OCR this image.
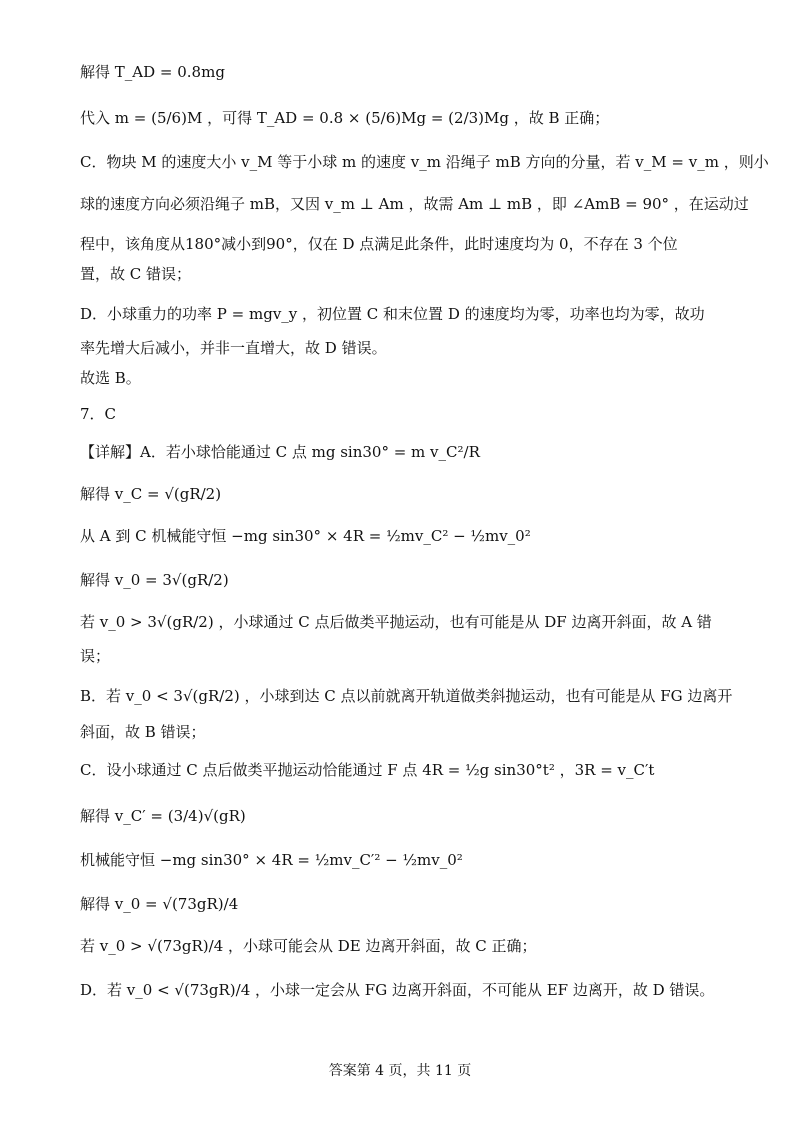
解得 T_AD = 0.8mg
代入 m = (5/6)M ，可得 T_AD = 0.8 × (5/6)Mg = (2/3)Mg ，故 B 正确；
C．物块 M 的速度大小 v_M 等于小球 m 的速度 v_m 沿绳子 mB 方向的分量，若 v_M = v_m ，则小
球的速度方向必须沿绳子 mB，又因 v_m ⊥ Am ，故需 Am ⊥ mB ，即 ∠AmB = 90° ，在运动过
程中，该角度从180°减小到90°，仅在 D 点满足此条件，此时速度均为 0，不存在 3 个位
置，故 C 错误；
D．小球重力的功率 P = mgv_y ，初位置 C 和末位置 D 的速度均为零，功率也均为零，故功
率先增大后减小，并非一直增大，故 D 错误。
故选 B。
7．C
【详解】A．若小球恰能通过 C 点 mg sin30° = m v_C²/R
解得 v_C = √(gR/2)
从 A 到 C 机械能守恒 −mg sin30° × 4R = ½mv_C² − ½mv_0²
解得 v_0 = 3√(gR/2)
若 v_0 > 3√(gR/2) ，小球通过 C 点后做类平抛运动，也有可能是从 DF 边离开斜面，故 A 错
误；
B．若 v_0 < 3√(gR/2) ，小球到达 C 点以前就离开轨道做类斜抛运动，也有可能是从 FG 边离开
斜面，故 B 错误；
C．设小球通过 C 点后做类平抛运动恰能通过 F 点 4R = ½g sin30°t² ，3R = v_C′t
解得 v_C′ = (3/4)√(gR)
机械能守恒 −mg sin30° × 4R = ½mv_C′² − ½mv_0²
解得 v_0 = √(73gR)/4
若 v_0 > √(73gR)/4 ，小球可能会从 DE 边离开斜面，故 C 正确；
D．若 v_0 < √(73gR)/4 ，小球一定会从 FG 边离开斜面，不可能从 EF 边离开，故 D 错误。
答案第 4 页，共 11 页
